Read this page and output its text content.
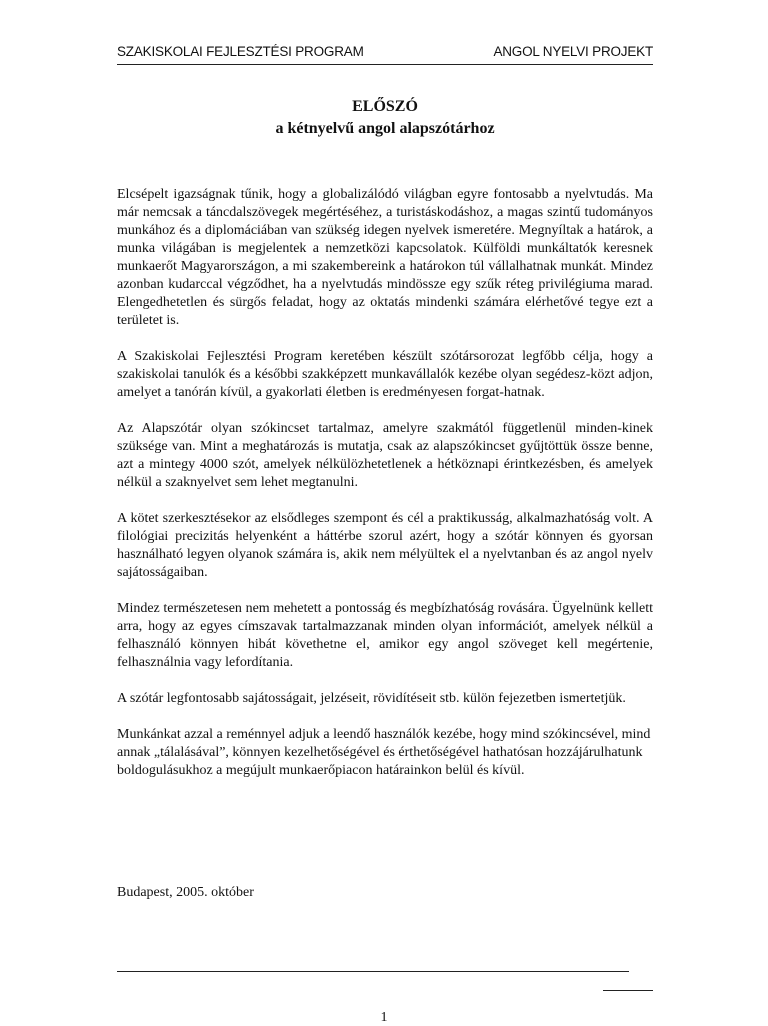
SZAKISKOLAI FEJLESZTÉSI PROGRAM	ANGOL NYELVI PROJEKT
ELŐSZÓ
a kétnyelvű angol alapszótárhoz

Elcsépelt igazságnak tűnik, hogy a globalizálódó világban egyre fontosabb a nyelvtudás. Ma már nemcsak a táncdalszövegek megértéséhez, a turistáskodáshoz, a magas szintű tudományos munkához és a diplomáciában van szükség idegen nyelvek ismeretére. Megnyíltak a határok, a munka világában is megjelentek a nemzetközi kapcsolatok. Külföldi munkáltatók keresnek munkaerőt Magyarországon, a mi szakembereink a határokon túl vállalhatnak munkát. Mindez azonban kudarccal végződhet, ha a nyelvtudás mindössze egy szűk réteg privilégiuma marad. Elengedhetetlen és sürgős feladat, hogy az oktatás mindenki számára elérhetővé tegye ezt a területet is.

A Szakiskolai Fejlesztési Program keretében készült szótársorozat legfőbb célja, hogy a szakiskolai tanulók és a későbbi szakképzett munkavállalók kezébe olyan segédesz-közt adjon, amelyet a tanórán kívül, a gyakorlati életben is eredményesen forgat-hatnak.

Az Alapszótár olyan szókincset tartalmaz, amelyre szakmától függetlenül minden-kinek szüksége van. Mint a meghatározás is mutatja, csak az alapszókincset gyűjtöttük össze benne, azt a mintegy 4000 szót, amelyek nélkülözhetetlenek a hétköznapi érintkezésben, és amelyek nélkül a szaknyelvet sem lehet megtanulni.

A kötet szerkesztésekor az elsődleges szempont és cél a praktikusság, alkalmazhatóság volt. A filológiai precizitás helyenként a háttérbe szorul azért, hogy a szótár könnyen és gyorsan használható legyen olyanok számára is, akik nem mélyültek el a nyelvtanban és az angol nyelv sajátosságaiban.

Mindez természetesen nem mehetett a pontosság és megbízhatóság rovására. Ügyelnünk kellett arra, hogy az egyes címszavak tartalmazzanak minden olyan információt, amelyek nélkül a felhasználó könnyen hibát követhetne el, amikor egy angol szöveget kell megértenie, felhasználnia vagy lefordítania.

A szótár legfontosabb sajátosságait, jelzéseit, rövidítéseit stb. külön fejezetben ismertetjük.

Munkánkat azzal a reménnyel adjuk a leendő használók kezébe, hogy mind szókincsével, mind annak „tálalásával”, könnyen kezelhetőségével és érthetőségével hathatósan hozzájárulhatunk boldogulásukhoz a megújult munkaerőpiacon határainkon belül és kívül.

Budapest, 2005. október
1
